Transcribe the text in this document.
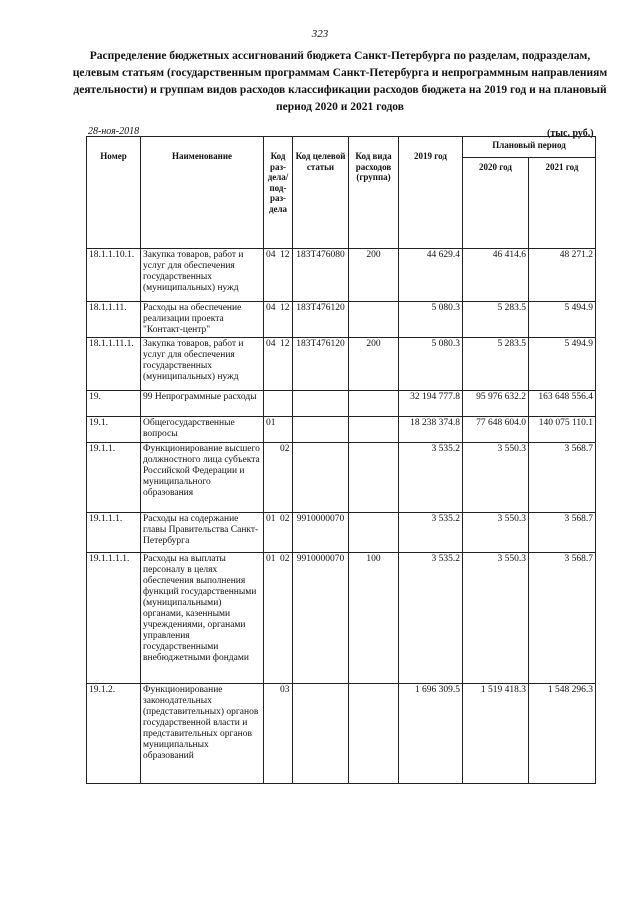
323
Распределение бюджетных ассигнований бюджета Санкт-Петербурга по разделам, подразделам, целевым статьям (государственным программам Санкт-Петербурга и непрограммным направлениям деятельности) и группам видов расходов классификации расходов бюджета на 2019 год и на плановый период 2020 и 2021 годов
28-ноя-2018	(тыс. руб.)
Номер	Наименование	Код раз-дела/ под-раз-дела		Код целевой статьи	Код вида расходов (группа)	2019 год	Плановый период	
							2020 год	2021 год
18.1.1.10.1.	Закупка товаров, работ и услуг для обеспечения государственных (муниципальных) нужд	04	12	183Т476080	200	44 629.4	46 414.6	48 271.2
18.1.1.11.	Расходы на обеспечение реализации проекта "Контакт-центр"	04	12	183Т476120		5 080.3	5 283.5	5 494.9
18.1.1.11.1.	Закупка товаров, работ и услуг для обеспечения государственных (муниципальных) нужд	04	12	183Т476120	200	5 080.3	5 283.5	5 494.9
19.	99 Непрограммные расходы					32 194 777.8	95 976 632.2	163 648 556.4
19.1.	Общегосударственные вопросы	01				18 238 374.8	77 648 604.0	140 075 110.1
19.1.1.	Функционирование высшего должностного лица субъекта Российской Федерации и муниципального образования		02			3 535.2	3 550.3	3 568.7
19.1.1.1.	Расходы на содержание главы Правительства Санкт-Петербурга	01	02	9910000070		3 535.2	3 550.3	3 568.7
19.1.1.1.1.	Расходы на выплаты персоналу в целях обеспечения выполнения функций государственными (муниципальными) органами, казенными учреждениями, органами управления государственными внебюджетными фондами	01	02	9910000070	100	3 535.2	3 550.3	3 568.7
19.1.2.	Функционирование законодательных (представительных) органов государственной власти и представительных органов муниципальных образований		03			1 696 309.5	1 519 418.3	1 548 296.3
